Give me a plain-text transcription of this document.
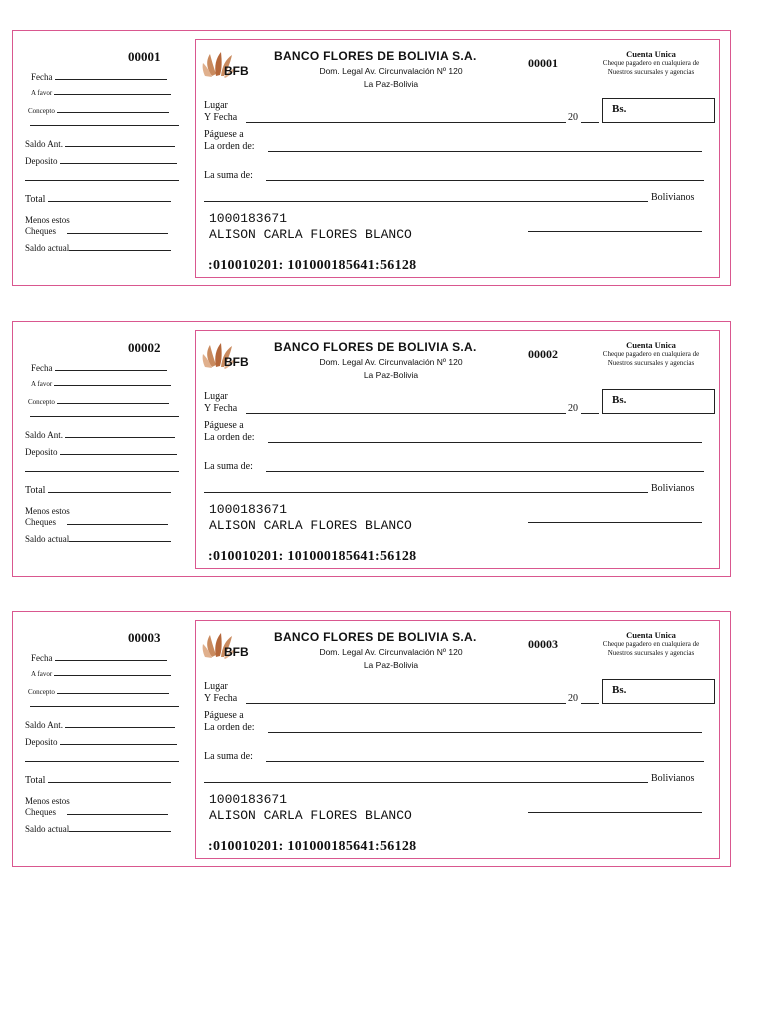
00001
Fecha
A favor
Concepto
Saldo Ant.
Deposito
Total
Menos estos
Cheques
Saldo actual
BFB
BANCO FLORES DE BOLIVIA S.A.
Dom. Legal Av. Circunvalación Nº 120
La Paz-Bolivia
00001
Cuenta Unica
Cheque pagadero en cualquiera de
Nuestros sucursales y agencias
Lugar
Y Fecha	20
Bs.
Páguese a
La orden de:
La suma de:
Bolivianos
1000183671
ALISON CARLA FLORES BLANCO
:010010201: 101000185641:56128
00002
Fecha
A favor
Concepto
Saldo Ant.
Deposito
Total
Menos estos
Cheques
Saldo actual
BFB
BANCO FLORES DE BOLIVIA S.A.
Dom. Legal Av. Circunvalación Nº 120
La Paz-Bolivia
00002
Cuenta Unica
Cheque pagadero en cualquiera de
Nuestros sucursales y agencias
Lugar
Y Fecha	20
Bs.
Páguese a
La orden de:
La suma de:
Bolivianos
1000183671
ALISON CARLA FLORES BLANCO
:010010201: 101000185641:56128
00003
Fecha
A favor
Concepto
Saldo Ant.
Deposito
Total
Menos estos
Cheques
Saldo actual
BFB
BANCO FLORES DE BOLIVIA S.A.
Dom. Legal Av. Circunvalación Nº 120
La Paz-Bolivia
00003
Cuenta Unica
Cheque pagadero en cualquiera de
Nuestros sucursales y agencias
Lugar
Y Fecha	20
Bs.
Páguese a
La orden de:
La suma de:
Bolivianos
1000183671
ALISON CARLA FLORES BLANCO
:010010201: 101000185641:56128
